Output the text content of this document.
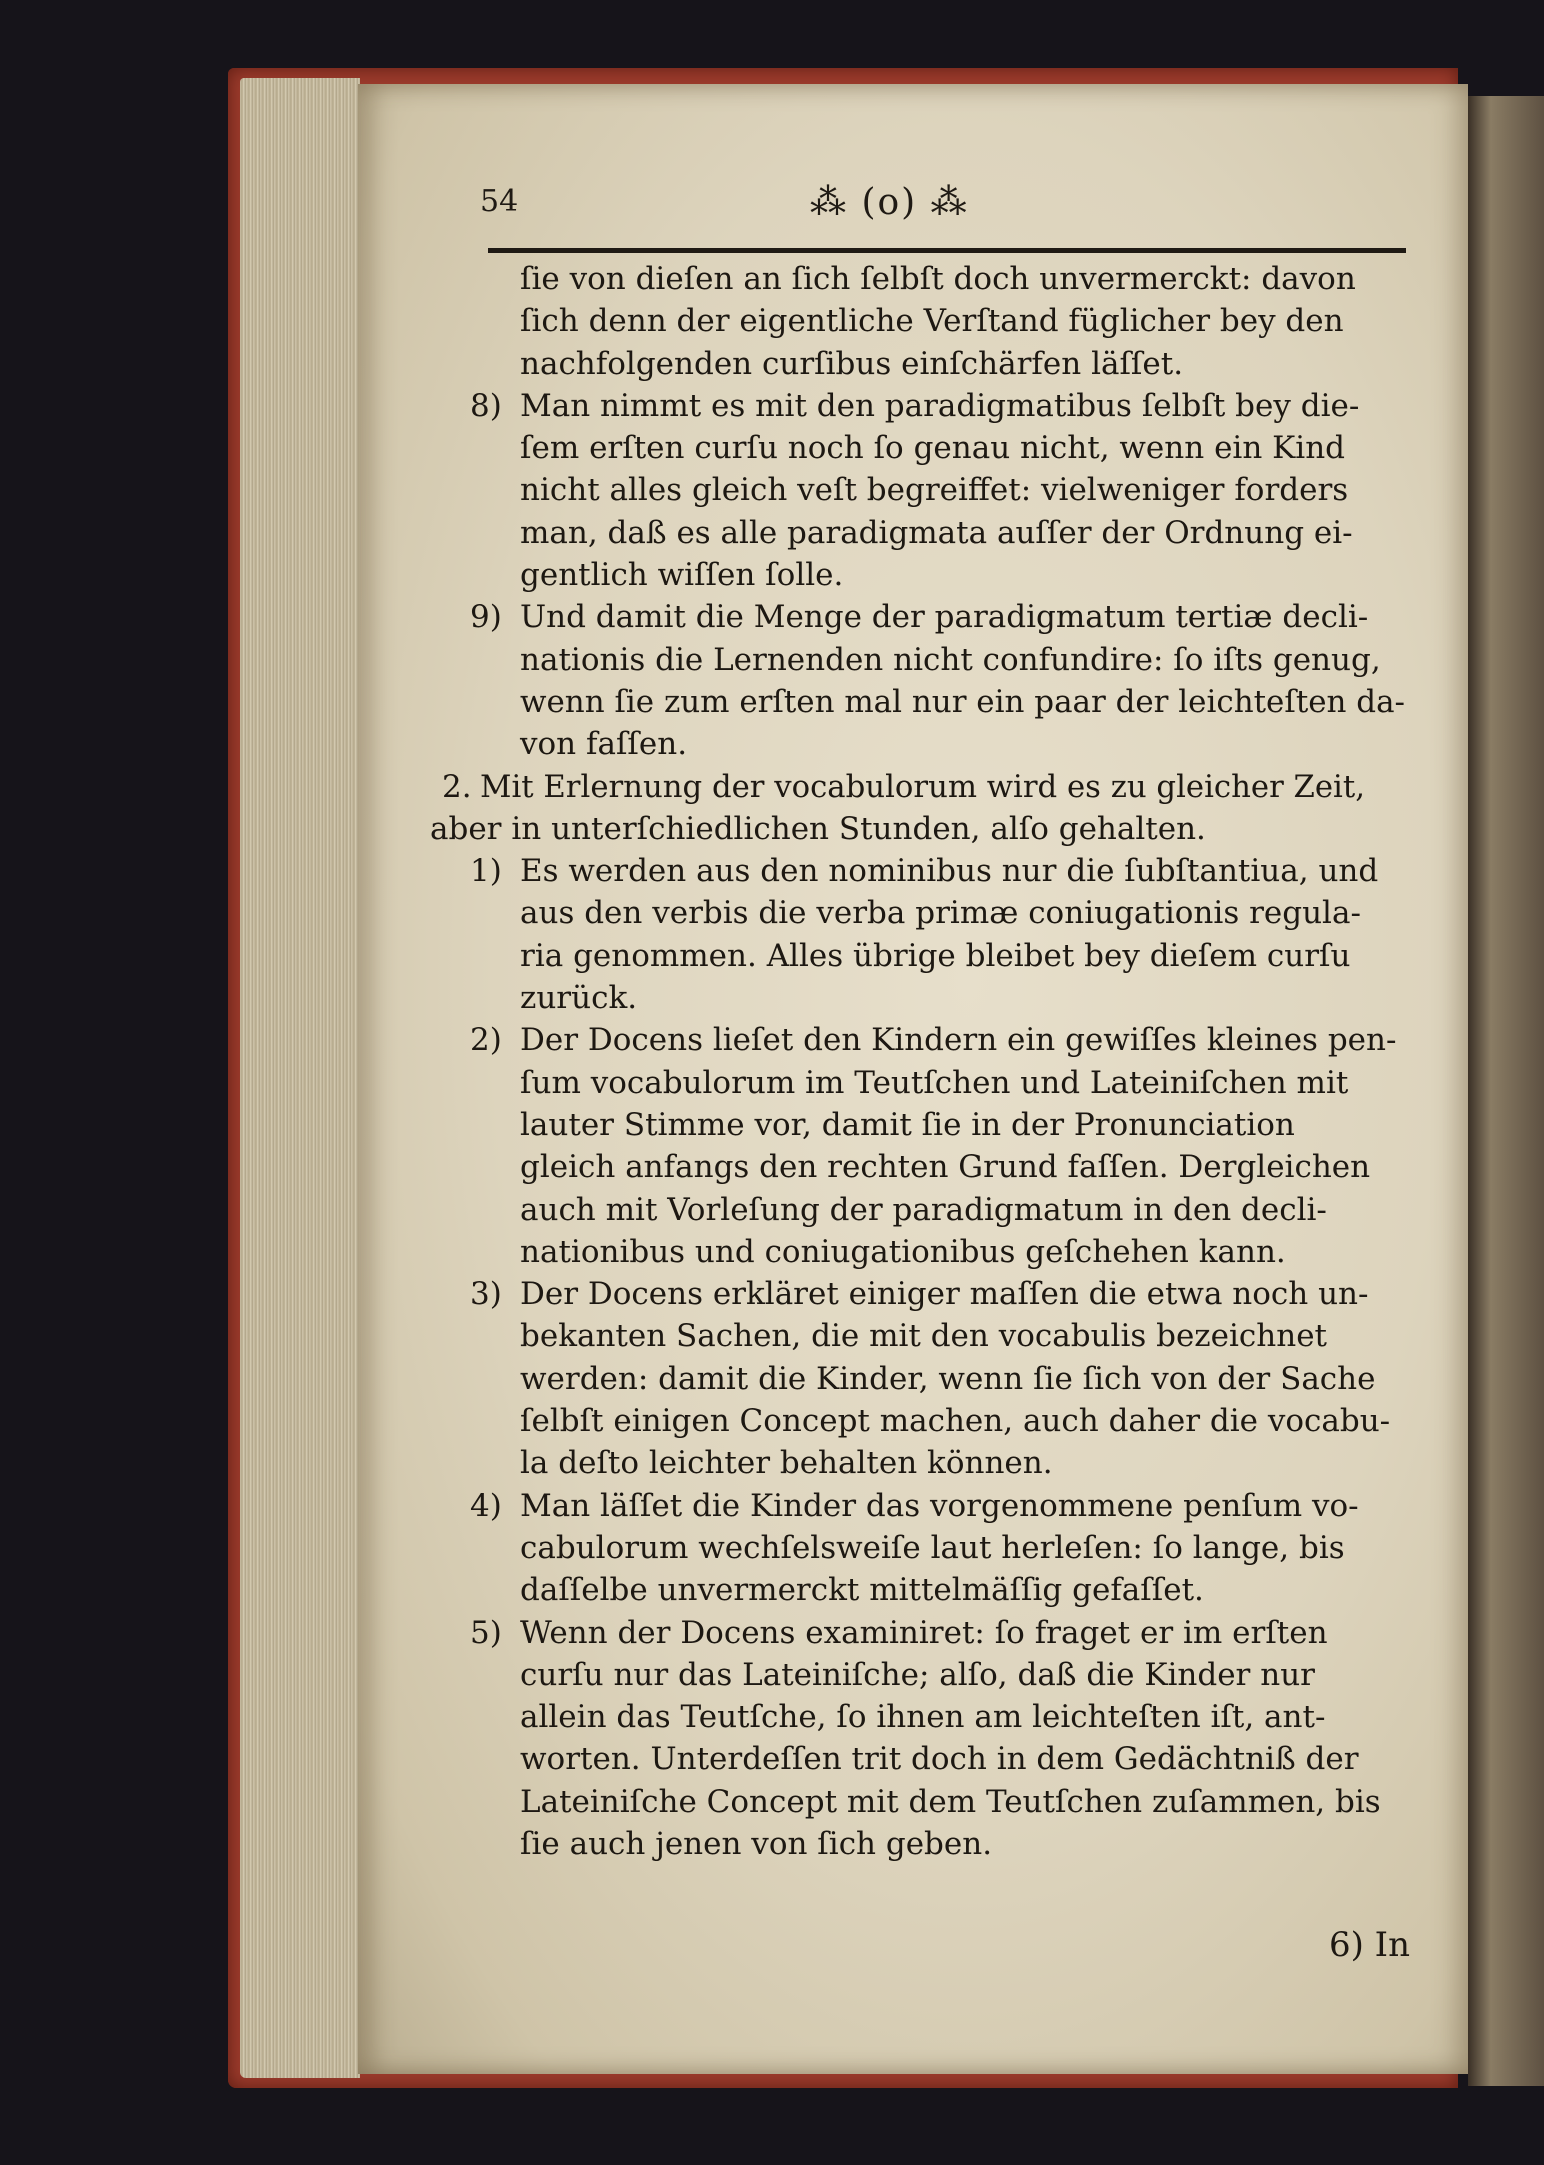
54	⁂ (o) ⁂
ſie von dieſen an ſich ſelbſt doch unvermerckt: davon
ſich denn der eigentliche Verſtand füglicher bey den
nachfolgenden curſibus einſchärfen läſſet.
8) Man nimmt es mit den paradigmatibus ſelbſt bey die-
ſem erſten curſu noch ſo genau nicht, wenn ein Kind
nicht alles gleich veſt begreiffet: vielweniger forders
man, daß es alle paradigmata auſſer der Ordnung ei-
gentlich wiſſen ſolle.
9) Und damit die Menge der paradigmatum tertiæ decli-
nationis die Lernenden nicht confundire: ſo iſts genug,
wenn ſie zum erſten mal nur ein paar der leichteſten da-
von faſſen.
2. Mit Erlernung der vocabulorum wird es zu gleicher Zeit,
aber in unterſchiedlichen Stunden, alſo gehalten.
1) Es werden aus den nominibus nur die ſubſtantiua, und
aus den verbis die verba primæ coniugationis regula-
ria genommen. Alles übrige bleibet bey dieſem curſu
zurück.
2) Der Docens lieſet den Kindern ein gewiſſes kleines pen-
ſum vocabulorum im Teutſchen und Lateiniſchen mit
lauter Stimme vor, damit ſie in der Pronunciation
gleich anfangs den rechten Grund faſſen. Dergleichen
auch mit Vorleſung der paradigmatum in den decli-
nationibus und coniugationibus geſchehen kann.
3) Der Docens erkläret einiger maſſen die etwa noch un-
bekanten Sachen, die mit den vocabulis bezeichnet
werden: damit die Kinder, wenn ſie ſich von der Sache
ſelbſt einigen Concept machen, auch daher die vocabu-
la deſto leichter behalten können.
4) Man läſſet die Kinder das vorgenommene penſum vo-
cabulorum wechſelsweiſe laut herleſen: ſo lange, bis
daſſelbe unvermerckt mittelmäſſig gefaſſet.
5) Wenn der Docens examiniret: ſo fraget er im erſten
curſu nur das Lateiniſche; alſo, daß die Kinder nur
allein das Teutſche, ſo ihnen am leichteſten iſt, ant-
worten. Unterdeſſen trit doch in dem Gedächtniß der
Lateiniſche Concept mit dem Teutſchen zuſammen, bis
ſie auch jenen von ſich geben.
6) In
